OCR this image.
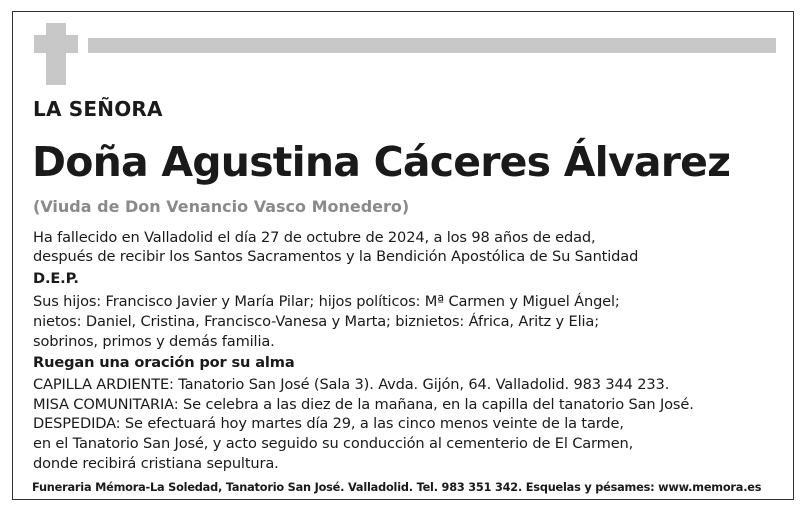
LA SEÑORA
Doña Agustina Cáceres Álvarez
(Viuda de Don Venancio Vasco Monedero)
Ha fallecido en Valladolid el día 27 de octubre de 2024, a los 98 años de edad,
después de recibir los Santos Sacramentos y la Bendición Apostólica de Su Santidad
D.E.P.
Sus hijos: Francisco Javier y María Pilar; hijos políticos: Mª Carmen y Miguel Ángel;
nietos: Daniel, Cristina, Francisco-Vanesa y Marta; biznietos: África, Aritz y Elia;
sobrinos, primos y demás familia.
Ruegan una oración por su alma
CAPILLA ARDIENTE: Tanatorio San José (Sala 3). Avda. Gijón, 64. Valladolid. 983 344 233.
MISA COMUNITARIA: Se celebra a las diez de la mañana, en la capilla del tanatorio San José.
DESPEDIDA: Se efectuará hoy martes día 29, a las cinco menos veinte de la tarde,
en el Tanatorio San José, y acto seguido su conducción al cementerio de El Carmen,
donde recibirá cristiana sepultura.
Funeraria Mémora-La Soledad, Tanatorio San José. Valladolid. Tel. 983 351 342. Esquelas y pésames: www.memora.es
